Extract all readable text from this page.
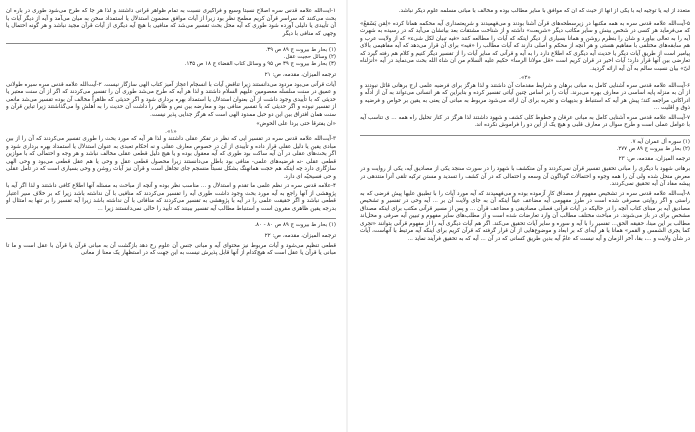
۱-آیت‌الله علامه قدس سره اصلاح نسبتاً وسیع و فراگیری نسبت به تمام ظواهر قرآنی داشتند و لذا هر جا که طرح می‌شود طوری در باره آن بحث می‌کنند که سراسر قرآن کریم مطمح نظر بود زیرا از آیات موافق مضمون استدلال یا استمداد سخن به میان می‌آمد و آیه از دیگر آیات با آن تأییدی یا دلیلی آورده شود طوری که آیه محل بحث تفسیر می‌شد که منافیی با هیچ آیه دیگری از آیات قرآن مجید نباشد و هر گونه احتمال یا وجهی که منافی با دیگر

(۱) بحار ط بیروت ج ۸۹ ص ۳۹.

(۲) وسائل حجیت عقل.

(۳) بحار ط بیروت ج ۳۹ ص ۹۵ و وسائل کتاب القضاء ج ۱۸ ص ۱۳۵.

ترجمه المیزان، مقدمه، ص: ۲۱

آیات قرآنی می‌بود مردود می‌دانستند زیرا تناقض آیات با انسجام اعجاز آمیز کتاب الهی سازگار نیست. ۲-آیت‌الله علامه قدس سره سیره طولانی و عمیق در سنت سلسله معصومین علیهم السلام داشتند و لذا هر آیه که طرح می‌شد طوری آن را تفسیر می‌کردند که اگر از آن سنت معتبر یا حدیثی که با تأییدی وجود داشت از آن بعنوان استدلال یا استمداد بهره برداری شود و اگر حدیثی که ظاهراً مخالف آن بوده تفسیر می‌شد مانعی از تفسیر نبوده و اگر حدیثی که با تفسیر منافی بود و معارضه بین نص و ظاهر را داشت آن حدیث را به اهلش وا می‌گذاشتند زیرا تباین قرآن و سنت همان افتراق بین این دو حبل ممدود الهی است که هرگز جدایی پذیر نیست.

«ان یفترقا حتی یردا علی الحوض»

«۱».

۳-آیت‌الله علامه قدس سره در تفسیر ایی که نظر در تفکر عقلی داشتند و لذا هر آیه که مورد بحث را طوری تفسیر می‌کردند که آن را از بین مبادی یقین یا دلیل عقلی قرار داده و تأییدی از آن در خصوص معارف عقلی و نه احکام تعبدی به عنوان استدلال یا استمداد بهره برداری شود و اگر بحث‌های عقلی در آن آیه ساکت بود طوری که آیه معقول بوده و یا هیچ دلیل قطعی عقلی مخالف نباشد و هر وجه و احتمالی که با موازین قطعی عقلی -نه فرضیه‌های علمی- منافی بود باطل می‌دانستند زیرا محصول قطعی عقل و وحی یا هم عقل قطعی می‌بود و وحی الهی سازگاری دارد چه اینکه هم حجت همانهنگ بشکل نسبتاً منسجم جای تجاهل است و قرآن نیز آیات روشن و وحی بسیاری است که در تأمل عقلی و حی فسیحیّه ای دارد.

۴-علامه قدس سره در نظم علمی ما تقدم و استدلال و ... مناسب نظر بوده و آنچه از مباحث به مسئله آنها اطلاع کافی داشتند و لذا اگر آیه با پژوهشی از آنها راجع به آیه مورد بحث وجود داشت طوری آیه را تفسیر می‌کردند که منافیی با آن نداشته باشد زیرا که بر خلاف سیر اعتبار قطعی نباشد و اگر حقیقت علمی را در آیه با پژوهشی به تفسیر می‌کردند که منافاتی با آن نداشته باشد زیرا آیه تفسیر را بر تنها به امتثال او بدرجه یقین ظاهری مقرون است و استنباط مطالب آیه تفسیر ببینند که تأیید را خالی نمی‌دانستند زیرا ...

(۱) بحار ط بیروت ج ۸۹ ص ۸۰ - ۸۰.

ترجمه المیزان، مقدمه، ص: ۲۲

قطعی تنظیم می‌شود و آیات مربوط نیز محتوای آیه و مبانی جنس آن علوم رخ دهد بازگشت آن به مبانی قرآن یا قرآن با عقل است و ما تا مبانی یا قرآن یا عقل است که هیچ‌کدام از آنها قابل پذیرش نیست به این جهت که در استظهار یک معنا از معانی

متعدد از آیه یا توجیه آیه با یکی از آنها از حیث که آن که موافق با سایر مطالب بوده و مخالف با مبانی مسلمه علوم دیگر نباشد.

۵-آیت‌الله علامه قدس سره به همه مکتبها در زیرسطحه‌های قرآن آشنا بودند و می‌فهمیدند و شریعتمداری آیه محکمه همانا کرده «لِمَن یَسْمَعُ» که می‌فرماید هر کسی در شخص بینش و سایر مکاتب دیگر «شریعت» داشته و از شناخت مشتقات بعد بیانشان می‌آید که در رسیده به شهرت آیه را به تعالی بیاورد و شان را بنظرم روشن و همانا بسیاری از دیگر اینکه که آیات را مطالعه کنند «فیه تبیان لکل شیء» که از ولایت عرب و هم سابقه‌های مختلفی با مفاهیم هستی و هر آنچه از محکم و اصلی دارند که آیات مطالب را «فیه» برای آن قرار می‌دهد که آیه مفاهیمی بالای پیامبر است از طریق آیات دیگر یا حدیث آیه دیگری که اطلاع دارد را به آیه و قرآنی که سایر آیات را از تفسیر دیگر کنیم و کلام هم رفته گیرد که تعارضی بین آنها قرار دارد؛ آیات اخیر در قران کریم است «قل مولانا الرسا» حکیم علیه السلام من ان شاء الله بحث می‌نماید در آیه «أنزلناه لیّ» بیان نسبت سالم به آن آیه ارائه گردید.

«۲».

۶-آیت‌الله علامه قدس سره آشنایی کامل به مبانی برهان و شرایط مقدمات آن داشتند و لذا هرگز برای فرضیه علمی ارج برهانی قائل نبودند و از آن به منزله پایه اساسی در معارف بهره می‌برند. آیات را بر اساس چنین آیاتی تفسیر کرده و بنابراین که هر انسانی می‌تواند به آن از ادلّه و ادراکاتی مراجعه کند؛ پیش هر آیه که استنباط و بدیهیات و تجربه برای آن ارائه می‌شود مربوط به مبانی آن یعنی به یقین بر خواص و فرضیه و ذوق و اقلیت ...

۷-آیت‌الله علامه قدس سره آشنایی کامل به مبانی عرفان و خطوط کلی کشف و شهود داشتند لذا هرگز در کنار تحلیل راه همه ... ی تناسب آیه با عوامل عملی است و طرح سوال در معارف قلبی و هیچ یک از این دو را فراموش نکرده اند.

(۱) سوره آل عمران آیه ۷.

(۲) بحار ط بیروت ج ۸۹ ص ۲۷۷.

ترجمه المیزان، مقدمه، ص: ۲۳

برهانی شهود با دیگری را مبانی تحقیق تفسیر قرآن نمی‌کردند و آن منکشف با شهود را در سورت سنجد یکی از مصادیق آیه، یکی از روایت و در معرض منحل شده ولی آن را همه وجوه و احتمالات گوناگون آن وسعه و احتمالی که در آن کشف را تسدید و مستن ترکیه تلقی آنرا منتدهی در پیشه مفاد آن آیه تحقیق نمی‌کردند.

۸-آیت‌الله علامه قدس سره در تشخیص مفهوم از مصداق کار آزموده بوده و می‌فهمیدند که آیه مورد آیات را با تطبیق علیها پیش فرضی که به راستی و اگر روایتی مصرفی شده است در طرز مفهومی آیه مضاعف عیناً اینکه آن به جای ولایت آن بر ... آیه وحی در تفسیر و تشخیص مصادیق آیه بر مبنای کتاب آنچه را در حالیکه در آیات قرآنی فصلی مصادیقی و مضاعف قرآن ... و پس از مسیر قرآنی مکتب برای اینکه مصداق مشخص برای در باز می‌شوند. در مباحث مختلف مطالب آن وارد تعارضات شده است و از مطلب‌های سایر مفهوم و تبیین آیه صرفی و محل‌اند مطالب بر این مبنا، حقیقه الحق... تفسیر را با آیه و سوره و سایر آیات تحقیق می‌کند. اگر هم آیات دیگری آیه را از مفهوم قرآنی بتوانند «تجری کما یجری الشمس و القمر» همانا یا هر آیه‌ای که بر ابعاد و موضوع‌هایی از آن قرار گرفته که قرآن کریم برای اینکه آیه مرتبط با آنهاست، آیات در شأن ولایت و ...، بقا، آخر الزمان و آیه نیست که عامّ آیه بدین طریق کسانی که در آن ... آیه که به تحقیق فرآیند نماید ...
